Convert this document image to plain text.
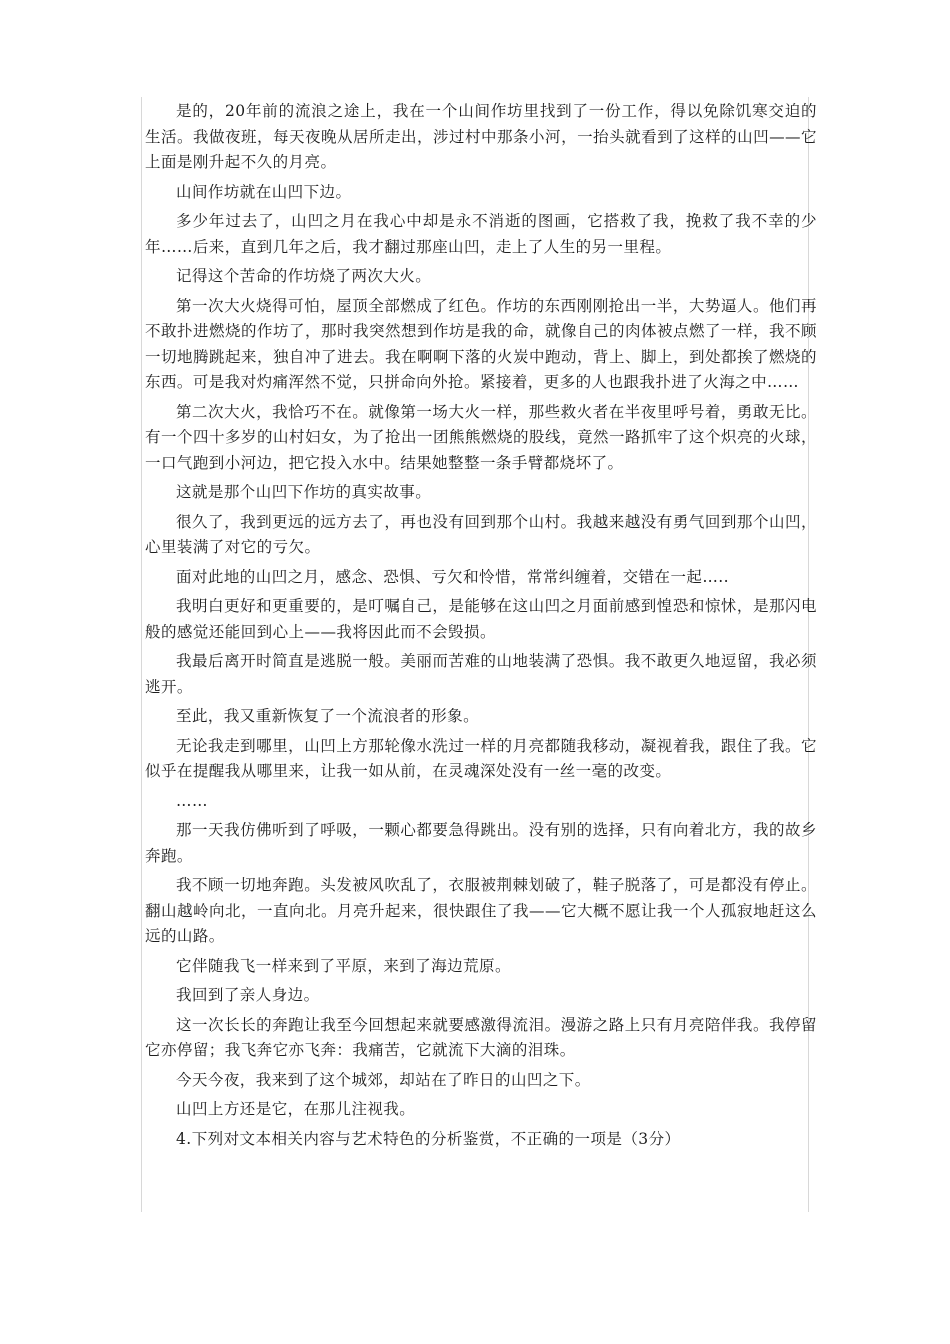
是的，20年前的流浪之途上，我在一个山间作坊里找到了一份工作，得以免除饥寒交迫的生活。我做夜班，每天夜晚从居所走出，涉过村中那条小河，一抬头就看到了这样的山凹——它上面是刚升起不久的月亮。

山间作坊就在山凹下边。

多少年过去了，山凹之月在我心中却是永不消逝的图画，它搭救了我，挽救了我不幸的少年……后来，直到几年之后，我才翻过那座山凹，走上了人生的另一里程。

记得这个苦命的作坊烧了两次大火。

第一次大火烧得可怕，屋顶全部燃成了红色。作坊的东西刚刚抢出一半，大势逼人。他们再不敢扑进燃烧的作坊了，那时我突然想到作坊是我的命，就像自己的肉体被点燃了一样，我不顾一切地腾跳起来，独自冲了进去。我在啊啊下落的火炭中跑动，背上、脚上，到处都挨了燃烧的东西。可是我对灼痛浑然不觉，只拼命向外抢。紧接着，更多的人也跟我扑进了火海之中……

第二次大火，我恰巧不在。就像第一场大火一样，那些救火者在半夜里呼号着，勇敢无比。有一个四十多岁的山村妇女，为了抢出一团熊熊燃烧的股线，竟然一路抓牢了这个炽亮的火球，一口气跑到小河边，把它投入水中。结果她整整一条手臂都烧坏了。

这就是那个山凹下作坊的真实故事。

很久了，我到更远的远方去了，再也没有回到那个山村。我越来越没有勇气回到那个山凹，心里装满了对它的亏欠。

面对此地的山凹之月，感念、恐惧、亏欠和怜惜，常常纠缠着，交错在一起…..

我明白更好和更重要的，是叮嘱自己，是能够在这山凹之月面前感到惶恐和惊怵，是那闪电般的感觉还能回到心上——我将因此而不会毁损。

我最后离开时简直是逃脱一般。美丽而苦难的山地装满了恐惧。我不敢更久地逗留，我必须逃开。

至此，我又重新恢复了一个流浪者的形象。

无论我走到哪里，山凹上方那轮像水洗过一样的月亮都随我移动，凝视着我，跟住了我。它似乎在提醒我从哪里来，让我一如从前，在灵魂深处没有一丝一毫的改变。

……

那一天我仿佛听到了呼吸，一颗心都要急得跳出。没有别的选择，只有向着北方，我的故乡奔跑。

我不顾一切地奔跑。头发被风吹乱了，衣服被荆棘划破了，鞋子脱落了，可是都没有停止。翻山越岭向北，一直向北。月亮升起来，很快跟住了我——它大概不愿让我一个人孤寂地赶这么远的山路。

它伴随我飞一样来到了平原，来到了海边荒原。

我回到了亲人身边。

这一次长长的奔跑让我至今回想起来就要感激得流泪。漫游之路上只有月亮陪伴我。我停留它亦停留；我飞奔它亦飞奔：我痛苦，它就流下大滴的泪珠。

今天今夜，我来到了这个城郊，却站在了昨日的山凹之下。

山凹上方还是它，在那儿注视我。

4.下列对文本相关内容与艺术特色的分析鉴赏，不正确的一项是（3分）
